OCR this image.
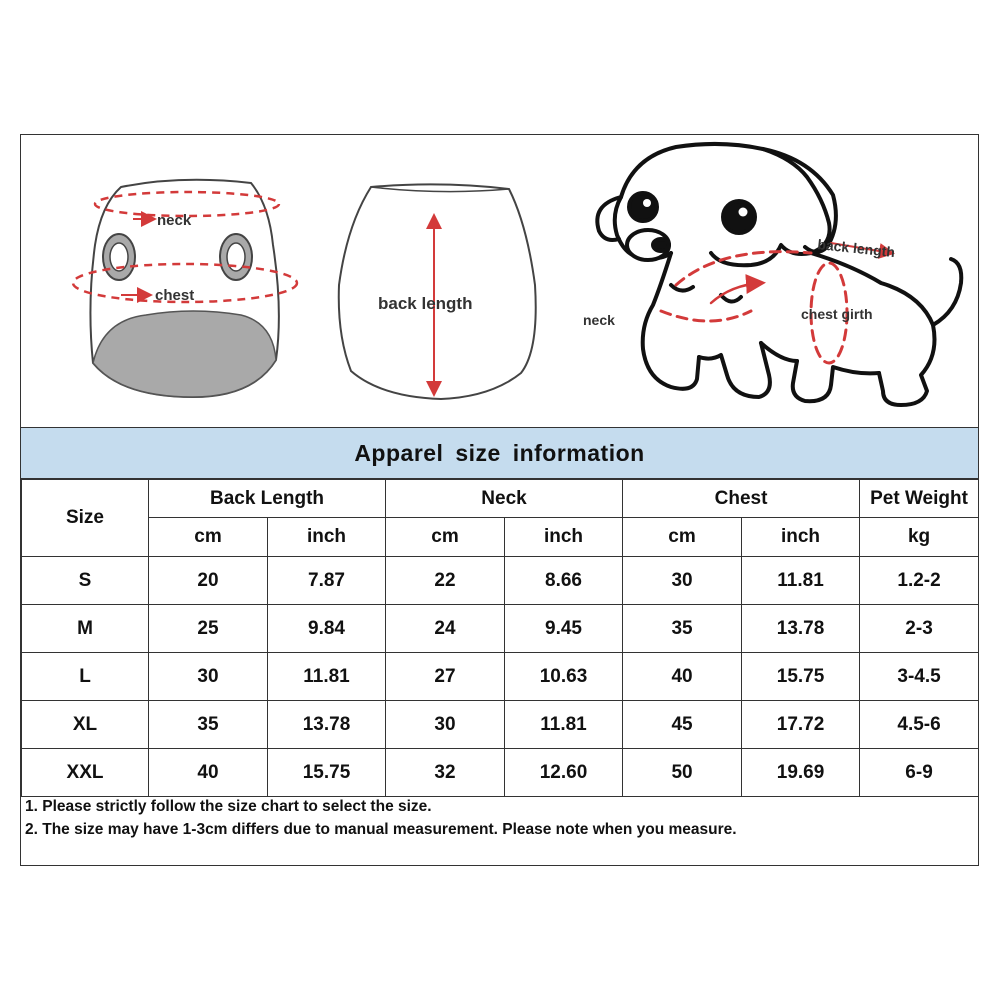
neck
chest	back length
back length
neck	chest girth
Apparel size information
Size	Back Length		Neck		Chest		Pet Weight
	cm	inch	cm	inch	cm	inch	kg
S	20	7.87	22	8.66	30	11.81	1.2-2
M	25	9.84	24	9.45	35	13.78	2-3
L	30	11.81	27	10.63	40	15.75	3-4.5
XL	35	13.78	30	11.81	45	17.72	4.5-6
XXL	40	15.75	32	12.60	50	19.69	6-9
1. Please strictly follow the size chart to select the size.
2. The size may have 1-3cm differs due to manual measurement. Please note when you measure.
